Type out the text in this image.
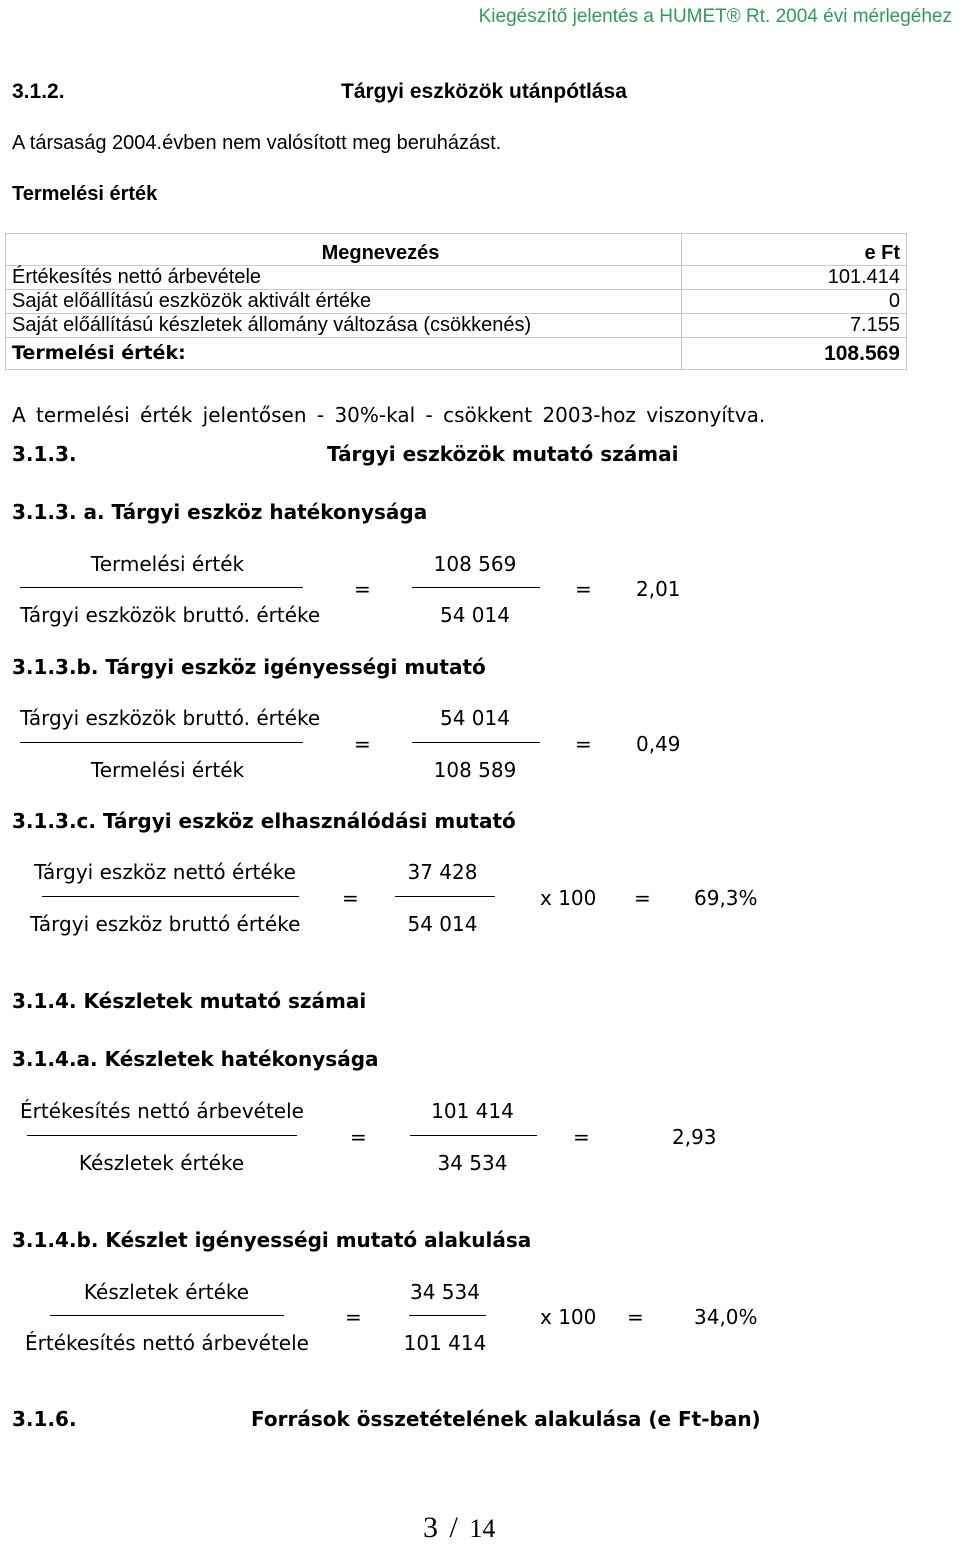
Kiegészítő jelentés a HUMET® Rt. 2004 évi mérlegéhez
3.1.2.	Tárgyi eszközök utánpótlása
A társaság 2004.évben nem valósított meg beruházást.
Termelési érték
Megnevezés	e Ft
Értékesítés nettó árbevétele	101.414
Saját előállítású eszközök aktivált értéke	0
Saját előállítású készletek állomány változása (csökkenés)	7.155
Termelési érték:	108.569
A termelési érték jelentősen - 30%-kal - csökkent 2003-hoz viszonyítva.
3.1.3.	Tárgyi eszközök mutató számai
3.1.3. a. Tárgyi eszköz hatékonysága
Termelési érték
Tárgyi eszközök bruttó. értéke
=
108 569
54 014
= 2,01
3.1.3.b. Tárgyi eszköz igényességi mutató
Tárgyi eszközök bruttó. értéke
Termelési érték
=
54 014
108 589
= 0,49
3.1.3.c. Tárgyi eszköz elhasználódási mutató
Tárgyi eszköz nettó értéke
Tárgyi eszköz bruttó értéke
=
37 428
54 014
x 100 = 69,3%
3.1.4. Készletek mutató számai
3.1.4.a. Készletek hatékonysága
Értékesítés nettó árbevétele
Készletek értéke
=
101 414
34 534
=	2,93
3.1.4.b. Készlet igényességi mutató alakulása
Készletek értéke
Értékesítés nettó árbevétele
=
34 534
101 414
x 100 =	34,0%
3.1.6.	Források összetételének alakulása (e Ft-ban)
3 / 14
